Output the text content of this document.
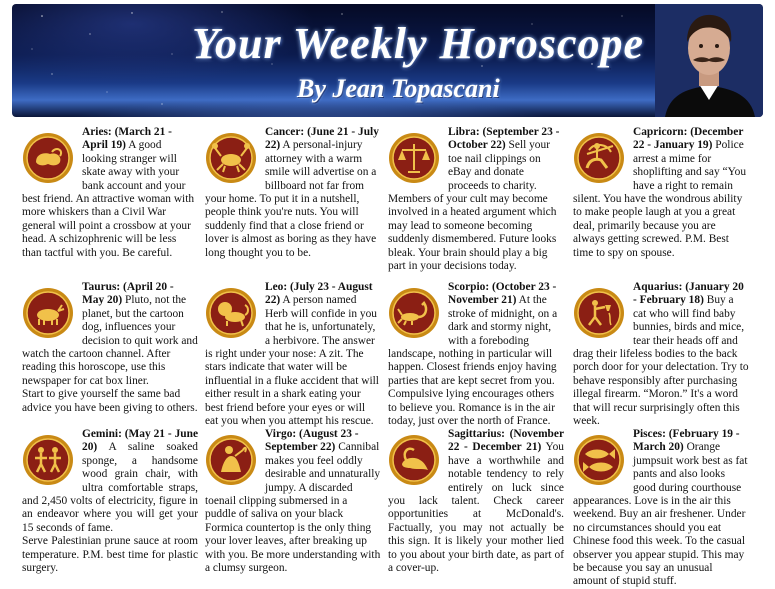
Your Weekly Horoscope
By Jean Topascani

Aries: (March 21 - April 19) A good looking stranger will skate away with your bank account and your best friend. An attractive woman with more whiskers than a Civil War general will point a crossbow at your head. A schizophrenic will be less than tactful with you. Be careful.

Cancer: (June 21 - July 22) A personal-injury attorney with a warm smile will advertise on a billboard not far from your home. To put it in a nutshell, people think you're nuts. You will suddenly find that a close friend or lover is almost as boring as they have long thought you to be.

Libra: (September 23 - October 22) Sell your toe nail clippings on eBay and donate proceeds to charity. Members of your cult may become involved in a heated argument which may lead to someone becoming suddenly dismembered. Future looks bleak. Your brain should play a big part in your decisions today.

Capricorn: (December 22 - January 19) Police arrest a mime for shoplifting and say “You have a right to remain silent. You have the wondrous ability to make people laugh at you a great deal, primarily because you are always getting screwed. P.M. Best time to spy on spouse.

Taurus: (April 20 - May 20) Pluto, not the planet, but the cartoon dog, influences your decision to quit work and watch the cartoon channel. After reading this horoscope, use this newspaper for cat box liner.

Start to give yourself the same bad advice you have been giving to others.

Leo: (July 23 - August 22) A person named Herb will confide in you that he is, unfortunately, a herbivore. The answer is right under your nose: A zit. The stars indicate that water will be influential in a fluke accident that will either result in a shark eating your best friend before your eyes or will eat you when you attempt his rescue.

Scorpio: (October 23 - November 21) At the stroke of midnight, on a dark and stormy night, with a foreboding landscape, nothing in particular will happen. Closest friends enjoy having parties that are kept secret from you. Compulsive lying encourages others to believe you. Romance is in the air today, just over the north of France.

Aquarius: (January 20 - February 18) Buy a cat who will find baby bunnies, birds and mice, tear their heads off and drag their lifeless bodies to the back porch door for your delectation. Try to behave responsibly after purchasing illegal firearm. “Moron.” It's a word that will recur surprisingly often this week.

Gemini: (May 21 - June 20) A saline soaked sponge, a handsome wood grain chair, with ultra comfortable straps, and 2,450 volts of electricity, figure in an endeavor where you will get your 15 seconds of fame.

Serve Palestinian prune sauce at room temperature. P.M. best time for plastic surgery.

Virgo: (August 23 - September 22) Cannibal makes you feel oddly desirable and unnaturally jumpy. A discarded toenail clipping submersed in a puddle of saliva on your black Formica countertop is the only thing your lover leaves, after breaking up with you. Be more understanding with a clumsy surgeon.

Sagittarius: (November 22 - December 21) You have a worthwhile and notable tendency to rely entirely on luck since you lack talent. Check career opportunities at McDonald's. Factually, you may not actually be this sign. It is likely your mother lied to you about your birth date, as part of a cover-up.

Pisces: (February 19 - March 20) Orange jumpsuit work best as fat pants and also looks good during courthouse appearances. Love is in the air this weekend. Buy an air freshener. Under no circumstances should you eat Chinese food this week. To the casual observer you appear stupid. This may be because you say an unusual amount of stupid stuff.
